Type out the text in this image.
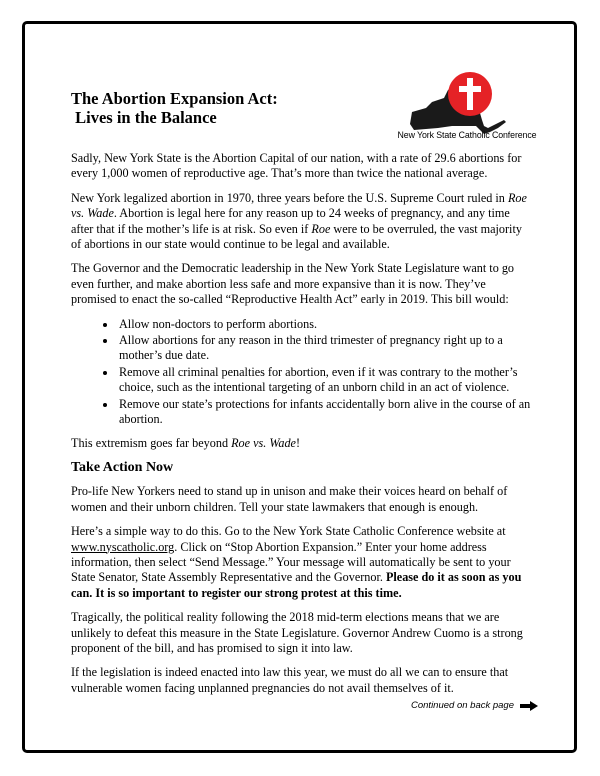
The Abortion Expansion Act:
Lives in the Balance
New York State Catholic Conference

Sadly, New York State is the Abortion Capital of our nation, with a rate of 29.6 abortions for every 1,000 women of reproductive age. That’s more than twice the national average.

New York legalized abortion in 1970, three years before the U.S. Supreme Court ruled in Roe vs. Wade. Abortion is legal here for any reason up to 24 weeks of pregnancy, and any time after that if the mother’s life is at risk. So even if Roe were to be overruled, the vast majority of abortions in our state would continue to be legal and available.

The Governor and the Democratic leadership in the New York State Legislature want to go even further, and make abortion less safe and more expansive than it is now. They’ve promised to enact the so-called “Reproductive Health Act” early in 2019. This bill would:

• Allow non-doctors to perform abortions.
• Allow abortions for any reason in the third trimester of pregnancy right up to a mother’s due date.
• Remove all criminal penalties for abortion, even if it was contrary to the mother’s choice, such as the intentional targeting of an unborn child in an act of violence.
• Remove our state’s protections for infants accidentally born alive in the course of an abortion.

This extremism goes far beyond Roe vs. Wade!

Take Action Now

Pro-life New Yorkers need to stand up in unison and make their voices heard on behalf of women and their unborn children. Tell your state lawmakers that enough is enough.

Here’s a simple way to do this. Go to the New York State Catholic Conference website at www.nyscatholic.org. Click on “Stop Abortion Expansion.” Enter your home address information, then select “Send Message.” Your message will automatically be sent to your State Senator, State Assembly Representative and the Governor. Please do it as soon as you can. It is so important to register our strong protest at this time.

Tragically, the political reality following the 2018 mid-term elections means that we are unlikely to defeat this measure in the State Legislature. Governor Andrew Cuomo is a strong proponent of the bill, and has promised to sign it into law.

If the legislation is indeed enacted into law this year, we must do all we can to ensure that vulnerable women facing unplanned pregnancies do not avail themselves of it.

Continued on back page
